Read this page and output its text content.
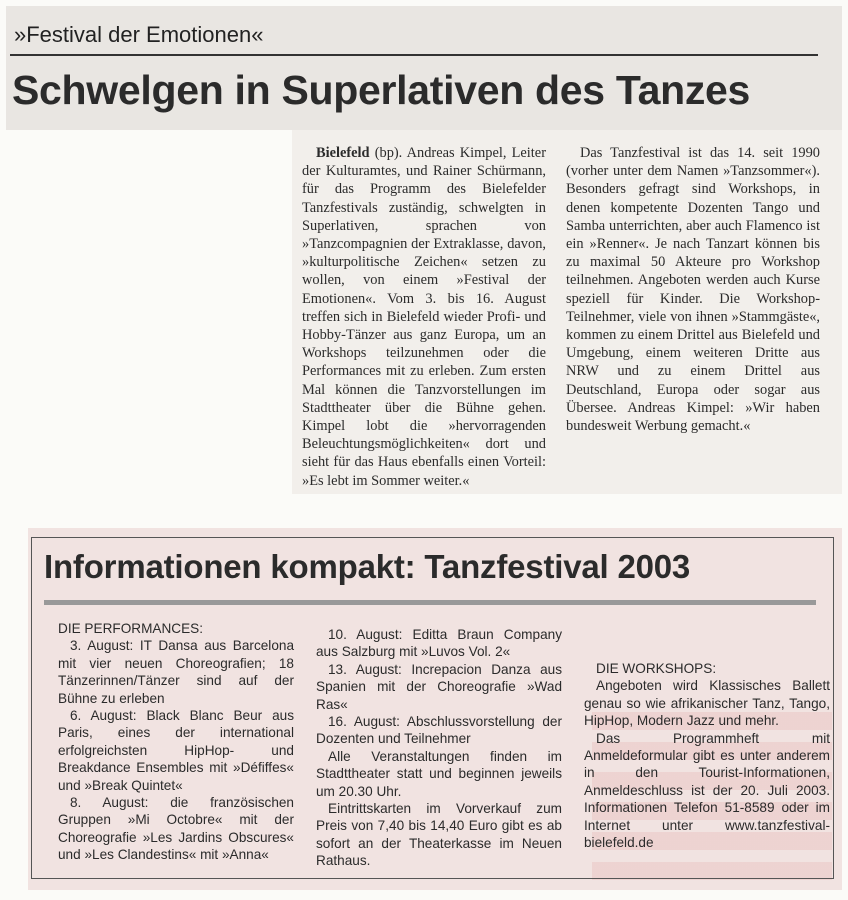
»Festival der Emotionen«
Schwelgen in Superlativen des Tanzes

Bielefeld (bp). Andreas Kimpel, Leiter der Kulturamtes, und Rainer Schürmann, für das Programm des Bielefelder Tanzfestivals zuständig, schwelgten in Superlativen, sprachen von »Tanzcompagnien der Extraklasse, davon, »kulturpolitische Zeichen« setzen zu wollen, von einem »Festival der Emotionen«. Vom 3. bis 16. August treffen sich in Bielefeld wieder Profi- und Hobby-Tänzer aus ganz Europa, um an Workshops teilzunehmen oder die Performances mit zu erleben. Zum ersten Mal können die Tanzvorstellungen im Stadttheater über die Bühne gehen. Kimpel lobt die »hervorragenden Beleuchtungsmöglichkeiten« dort und sieht für das Haus ebenfalls einen Vorteil: »Es lebt im Sommer weiter.«

Das Tanzfestival ist das 14. seit 1990 (vorher unter dem Namen »Tanzsommer«). Besonders gefragt sind Workshops, in denen kompetente Dozenten Tango und Samba unterrichten, aber auch Flamenco ist ein »Renner«. Je nach Tanzart können bis zu maximal 50 Akteure pro Workshop teilnehmen. Angeboten werden auch Kurse speziell für Kinder. Die Workshop-Teilnehmer, viele von ihnen »Stammgäste«, kommen zu einem Drittel aus Bielefeld und Umgebung, einem weiteren Dritte aus NRW und zu einem Drittel aus Deutschland, Europa oder sogar aus Übersee. Andreas Kimpel: »Wir haben bundesweit Werbung gemacht.«

Informationen kompakt: Tanzfestival 2003

DIE PERFORMANCES:

3. August: IT Dansa aus Barcelona mit vier neuen Choreografien; 18 Tänzerinnen/Tänzer sind auf der Bühne zu erleben

6. August: Black Blanc Beur aus Paris, eines der international erfolgreichsten HipHop- und Breakdance Ensembles mit »Défiffes« und »Break Quintet«

8. August: die französischen Gruppen »Mi Octobre« mit der Choreografie »Les Jardins Obscures« und »Les Clandestins« mit »Anna«

10. August: Editta Braun Company aus Salzburg mit »Luvos Vol. 2«

13. August: Increpacion Danza aus Spanien mit der Choreografie »Wad Ras«

16. August: Abschlussvorstellung der Dozenten und Teilnehmer

Alle Veranstaltungen finden im Stadttheater statt und beginnen jeweils um 20.30 Uhr.

Eintrittskarten im Vorverkauf zum Preis von 7,40 bis 14,40 Euro gibt es ab sofort an der Theaterkasse im Neuen Rathaus.

DIE WORKSHOPS:

Angeboten wird Klassisches Ballett genau so wie afrikanischer Tanz, Tango, HipHop, Modern Jazz und mehr.

Das Programmheft mit Anmeldeformular gibt es unter anderem in den Tourist-Informationen, Anmeldeschluss ist der 20. Juli 2003. Informationen Telefon 51-8589 oder im Internet unter www.tanzfestival-bielefeld.de
